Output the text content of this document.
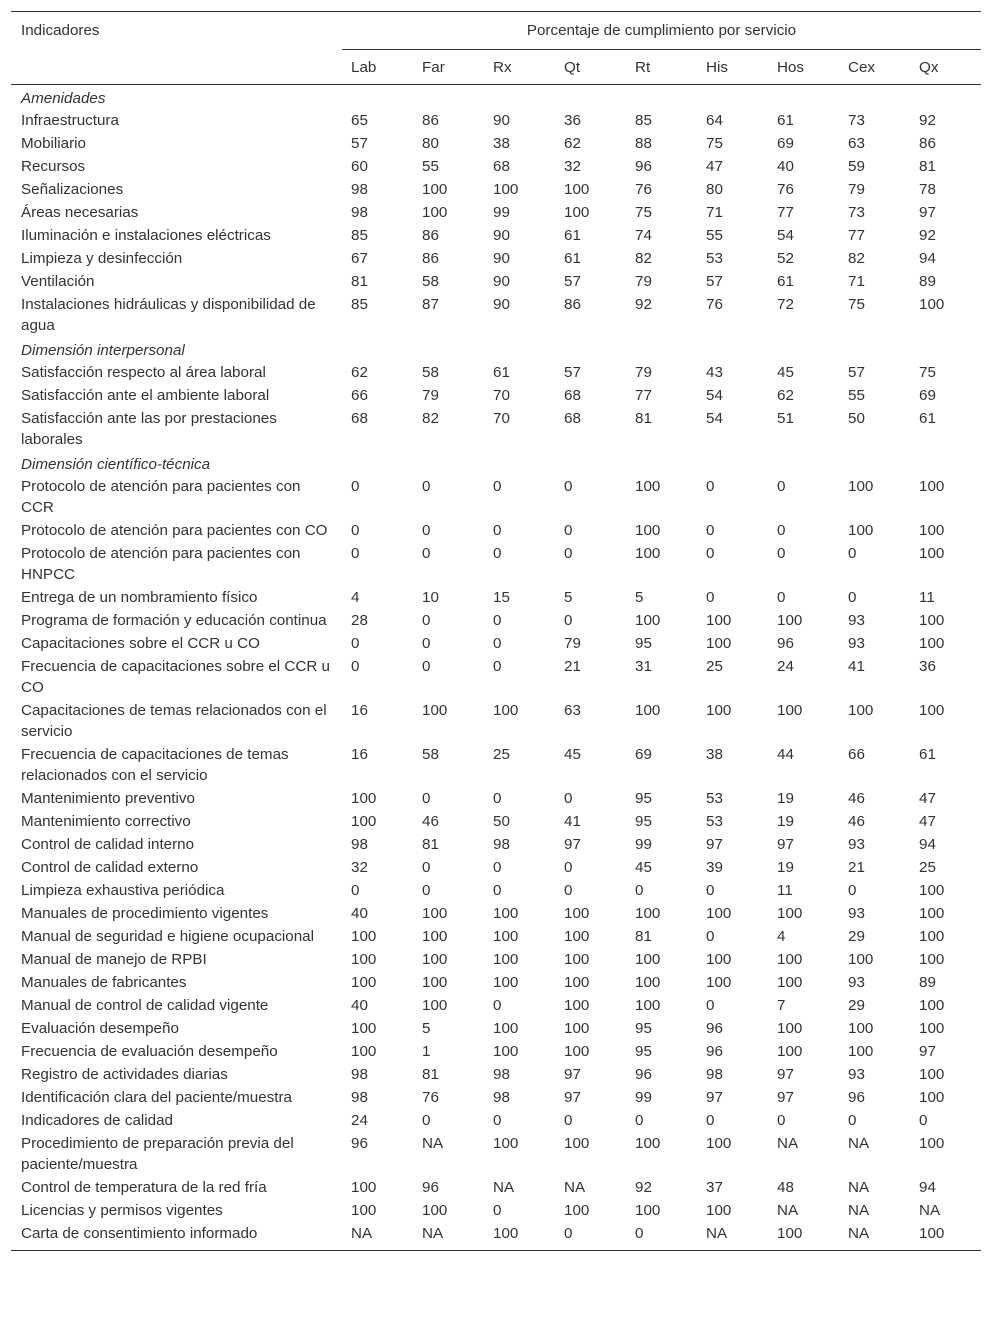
Indicadores	Porcentaje de cumplimiento por servicio								
	Lab	Far	Rx	Qt	Rt	His	Hos	Cex	Qx
Amenidades									
Infraestructura	65	86	90	36	85	64	61	73	92
Mobiliario	57	80	38	62	88	75	69	63	86
Recursos	60	55	68	32	96	47	40	59	81
Señalizaciones	98	100	100	100	76	80	76	79	78
Áreas necesarias	98	100	99	100	75	71	77	73	97
Iluminación e instalaciones eléctricas	85	86	90	61	74	55	54	77	92
Limpieza y desinfección	67	86	90	61	82	53	52	82	94
Ventilación	81	58	90	57	79	57	61	71	89
Instalaciones hidráulicas y disponibilidad de agua	85	87	90	86	92	76	72	75	100
Dimensión interpersonal									
Satisfacción respecto al área laboral	62	58	61	57	79	43	45	57	75
Satisfacción ante el ambiente laboral	66	79	70	68	77	54	62	55	69
Satisfacción ante las por prestaciones laborales	68	82	70	68	81	54	51	50	61
Dimensión científico-técnica									
Protocolo de atención para pacientes con CCR	0	0	0	0	100	0	0	100	100
Protocolo de atención para pacientes con CO	0	0	0	0	100	0	0	100	100
Protocolo de atención para pacientes con HNPCC	0	0	0	0	100	0	0	0	100
Entrega de un nombramiento físico	4	10	15	5	5	0	0	0	11
Programa de formación y educación continua	28	0	0	0	100	100	100	93	100
Capacitaciones sobre el CCR u CO	0	0	0	79	95	100	96	93	100
Frecuencia de capacitaciones sobre el CCR u CO	0	0	0	21	31	25	24	41	36
Capacitaciones de temas relacionados con el servicio	16	100	100	63	100	100	100	100	100
Frecuencia de capacitaciones de temas relacionados con el servicio	16	58	25	45	69	38	44	66	61
Mantenimiento preventivo	100	0	0	0	95	53	19	46	47
Mantenimiento correctivo	100	46	50	41	95	53	19	46	47
Control de calidad interno	98	81	98	97	99	97	97	93	94
Control de calidad externo	32	0	0	0	45	39	19	21	25
Limpieza exhaustiva periódica	0	0	0	0	0	0	11	0	100
Manuales de procedimiento vigentes	40	100	100	100	100	100	100	93	100
Manual de seguridad e higiene ocupacional	100	100	100	100	81	0	4	29	100
Manual de manejo de RPBI	100	100	100	100	100	100	100	100	100
Manuales de fabricantes	100	100	100	100	100	100	100	93	89
Manual de control de calidad vigente	40	100	0	100	100	0	7	29	100
Evaluación desempeño	100	5	100	100	95	96	100	100	100
Frecuencia de evaluación desempeño	100	1	100	100	95	96	100	100	97
Registro de actividades diarias	98	81	98	97	96	98	97	93	100
Identificación clara del paciente/muestra	98	76	98	97	99	97	97	96	100
Indicadores de calidad	24	0	0	0	0	0	0	0	0
Procedimiento de preparación previa del paciente/muestra	96	NA	100	100	100	100	NA	NA	100
Control de temperatura de la red fría	100	96	NA	NA	92	37	48	NA	94
Licencias y permisos vigentes	100	100	0	100	100	100	NA	NA	NA
Carta de consentimiento informado	NA	NA	100	0	0	NA	100	NA	100
